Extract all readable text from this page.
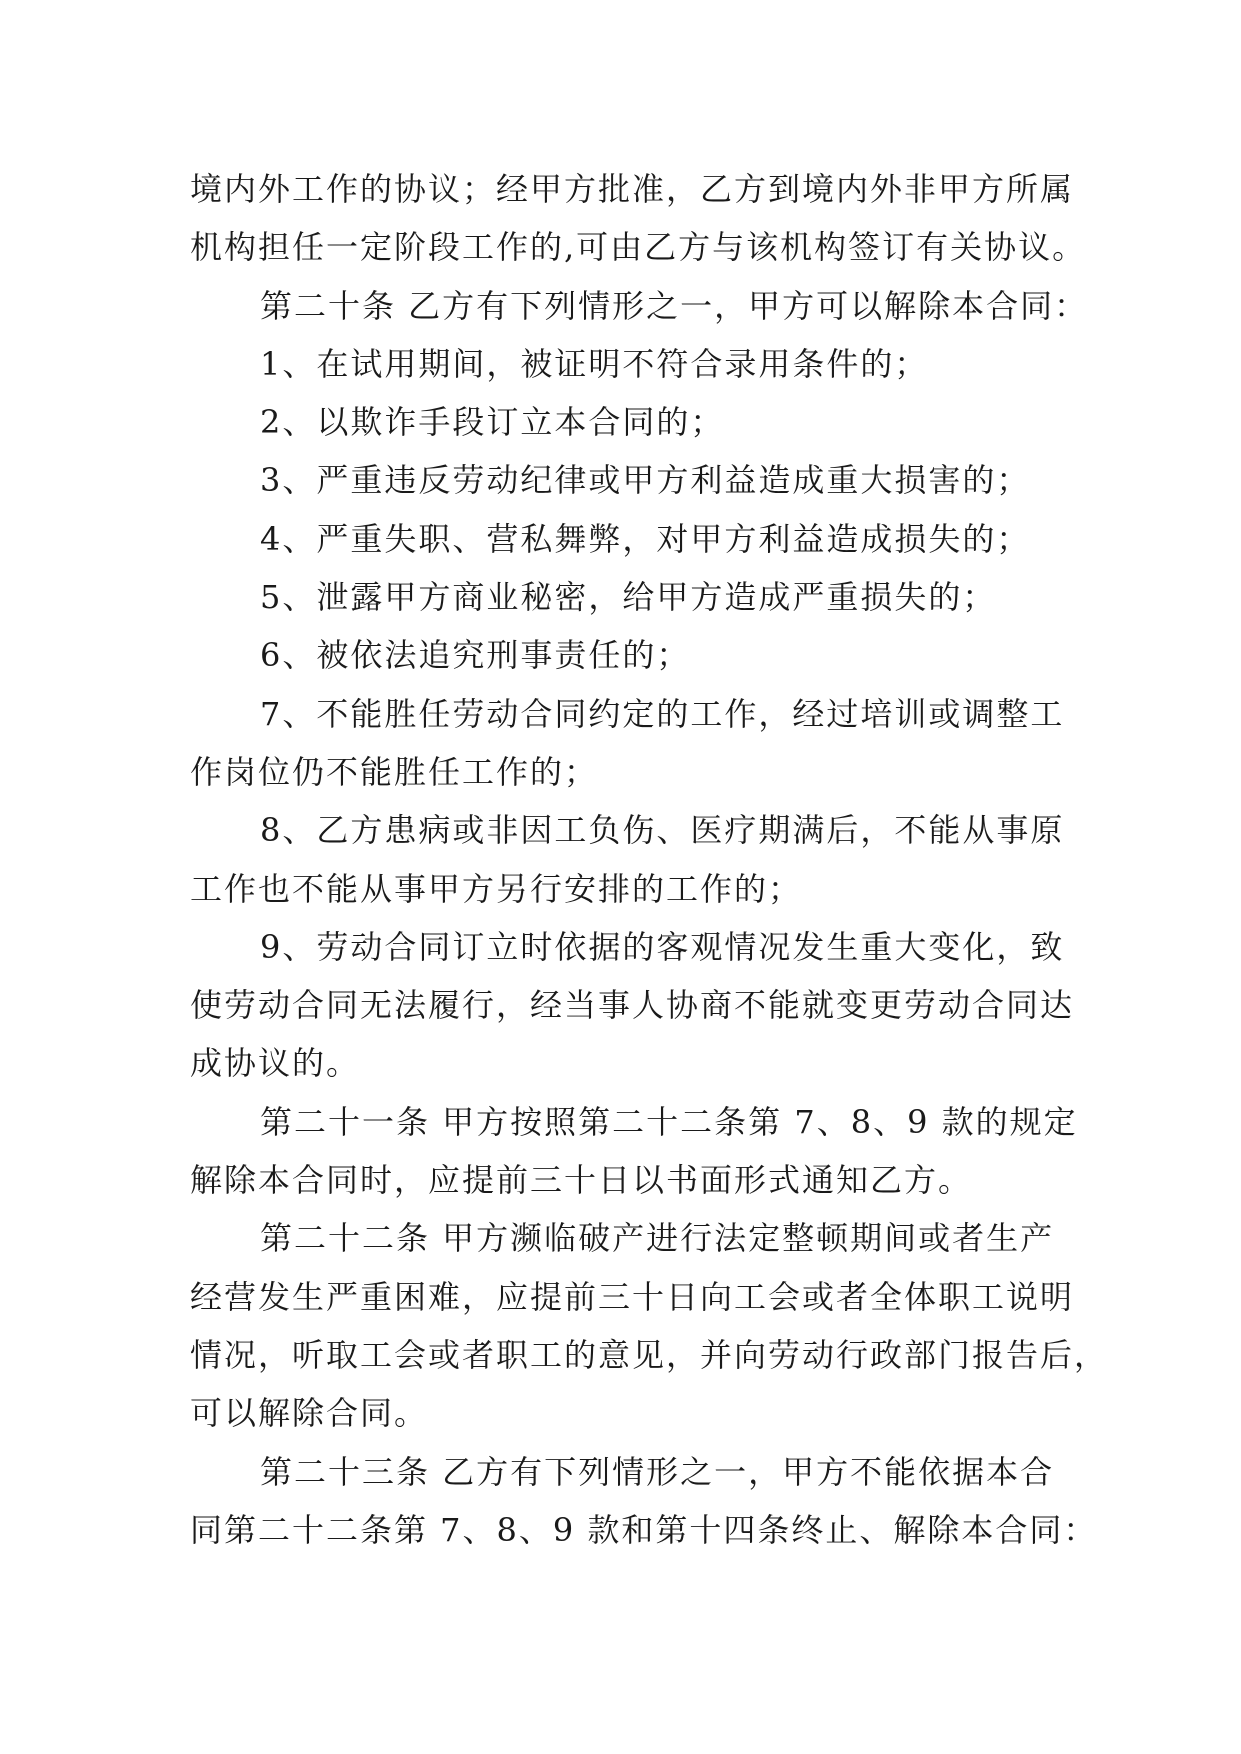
境内外工作的协议；经甲方批准，乙方到境内外非甲方所属
机构担任一定阶段工作的,可由乙方与该机构签订有关协议。
第二十条 乙方有下列情形之一，甲方可以解除本合同：
1、在试用期间，被证明不符合录用条件的；
2、以欺诈手段订立本合同的；
3、严重违反劳动纪律或甲方利益造成重大损害的；
4、严重失职、营私舞弊，对甲方利益造成损失的；
5、泄露甲方商业秘密，给甲方造成严重损失的；
6、被依法追究刑事责任的；
7、不能胜任劳动合同约定的工作，经过培训或调整工
作岗位仍不能胜任工作的；
8、乙方患病或非因工负伤、医疗期满后，不能从事原
工作也不能从事甲方另行安排的工作的；
9、劳动合同订立时依据的客观情况发生重大变化，致
使劳动合同无法履行，经当事人协商不能就变更劳动合同达
成协议的。
第二十一条 甲方按照第二十二条第 7、8、9 款的规定
解除本合同时，应提前三十日以书面形式通知乙方。
第二十二条 甲方濒临破产进行法定整顿期间或者生产
经营发生严重困难，应提前三十日向工会或者全体职工说明
情况，听取工会或者职工的意见，并向劳动行政部门报告后，
可以解除合同。
第二十三条 乙方有下列情形之一，甲方不能依据本合
同第二十二条第 7、8、9 款和第十四条终止、解除本合同：
